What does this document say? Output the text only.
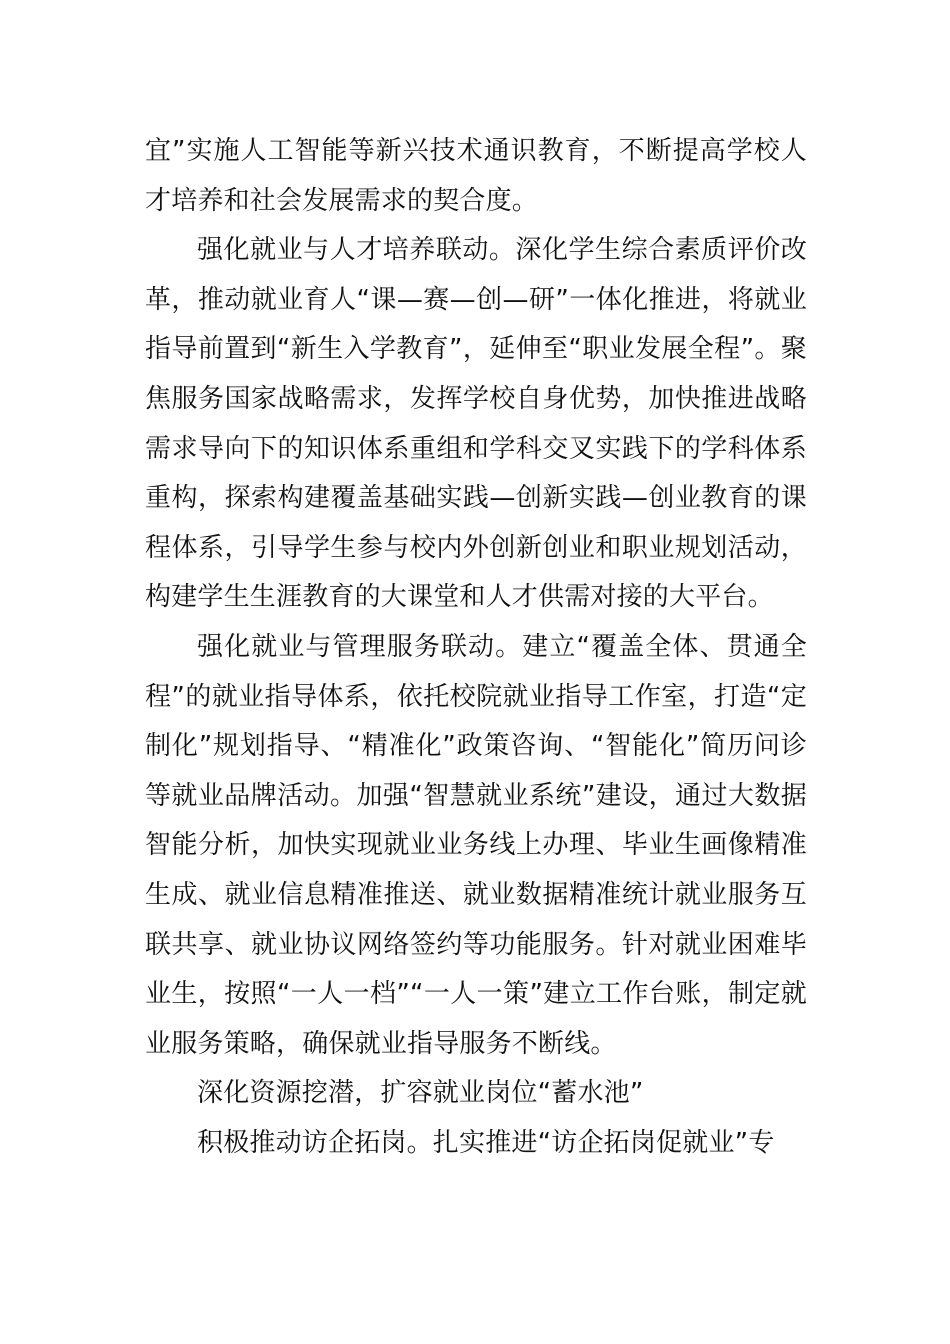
宜”实施人工智能等新兴技术通识教育，不断提高学校人才培养和社会发展需求的契合度。

强化就业与人才培养联动。深化学生综合素质评价改革，推动就业育人“课—赛—创—研”一体化推进，将就业指导前置到“新生入学教育”，延伸至“职业发展全程”。聚焦服务国家战略需求，发挥学校自身优势，加快推进战略需求导向下的知识体系重组和学科交叉实践下的学科体系重构，探索构建覆盖基础实践—创新实践—创业教育的课程体系，引导学生参与校内外创新创业和职业规划活动，构建学生生涯教育的大课堂和人才供需对接的大平台。

强化就业与管理服务联动。建立“覆盖全体、贯通全程”的就业指导体系，依托校院就业指导工作室，打造“定制化”规划指导、“精准化”政策咨询、“智能化”简历问诊等就业品牌活动。加强“智慧就业系统”建设，通过大数据智能分析，加快实现就业业务线上办理、毕业生画像精准生成、就业信息精准推送、就业数据精准统计就业服务互联共享、就业协议网络签约等功能服务。针对就业困难毕业生，按照“一人一档”“一人一策”建立工作台账，制定就业服务策略，确保就业指导服务不断线。

深化资源挖潜，扩容就业岗位“蓄水池”

积极推动访企拓岗。扎实推进“访企拓岗促就业”专
